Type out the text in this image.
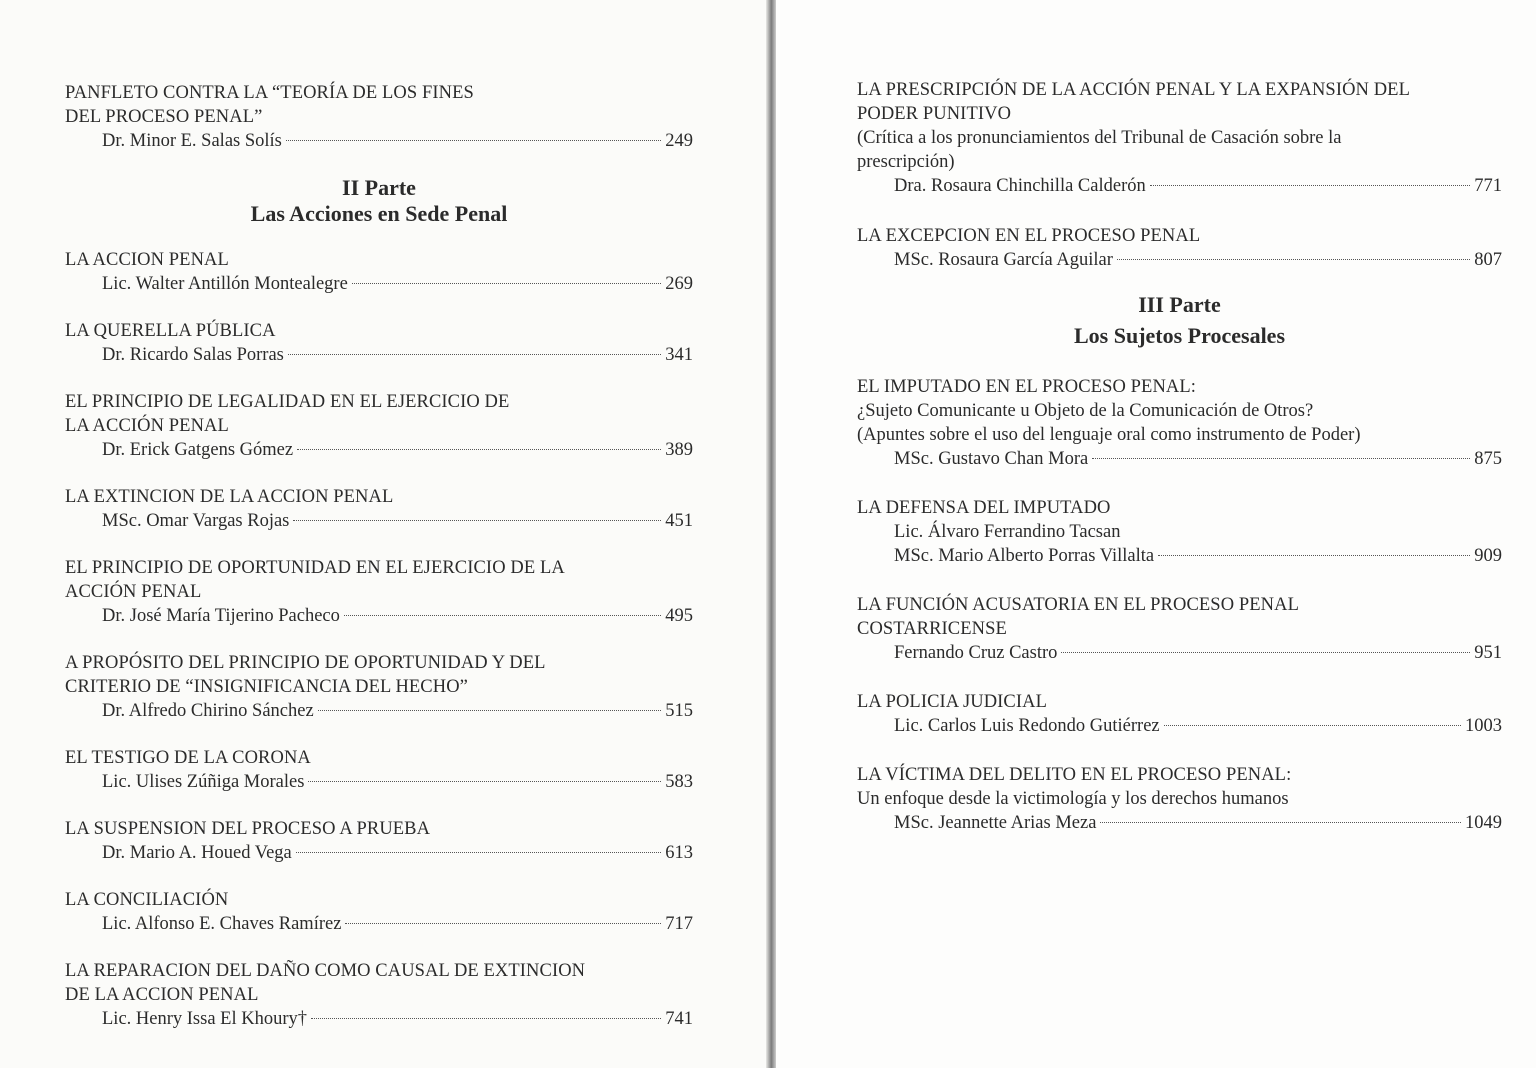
PANFLETO CONTRA LA “TEORÍA DE LOS FINES
DEL PROCESO PENAL”
Dr. Minor E. Salas Solís	249
II Parte
Las Acciones en Sede Penal
LA ACCION PENAL
Lic. Walter Antillón Montealegre	269
LA QUERELLA PÚBLICA
Dr. Ricardo Salas Porras	341
EL PRINCIPIO DE LEGALIDAD EN EL EJERCICIO DE
LA ACCIÓN PENAL
Dr. Erick Gatgens Gómez	389
LA EXTINCION DE LA ACCION PENAL
MSc. Omar Vargas Rojas	451
EL PRINCIPIO DE OPORTUNIDAD EN EL EJERCICIO DE LA
ACCIÓN PENAL
Dr. José María Tijerino Pacheco	495
A PROPÓSITO DEL PRINCIPIO DE OPORTUNIDAD Y DEL
CRITERIO DE “INSIGNIFICANCIA DEL HECHO”
Dr. Alfredo Chirino Sánchez	515
EL TESTIGO DE LA CORONA
Lic. Ulises Zúñiga Morales	583
LA SUSPENSION DEL PROCESO A PRUEBA
Dr. Mario A. Houed Vega	613
LA CONCILIACIÓN
Lic. Alfonso E. Chaves Ramírez	717
LA REPARACION DEL DAÑO COMO CAUSAL DE EXTINCION
DE LA ACCION PENAL
Lic. Henry Issa El Khoury†	741
LA PRESCRIPCIÓN DE LA ACCIÓN PENAL Y LA EXPANSIÓN DEL
PODER PUNITIVO
(Crítica a los pronunciamientos del Tribunal de Casación sobre la
prescripción)
Dra. Rosaura Chinchilla Calderón	771
LA EXCEPCION EN EL PROCESO PENAL
MSc. Rosaura García Aguilar	807
III Parte
Los Sujetos Procesales
EL IMPUTADO EN EL PROCESO PENAL:
¿Sujeto Comunicante u Objeto de la Comunicación de Otros?
(Apuntes sobre el uso del lenguaje oral como instrumento de Poder)
MSc. Gustavo Chan Mora	875
LA DEFENSA DEL IMPUTADO
Lic. Álvaro Ferrandino Tacsan
MSc. Mario Alberto Porras Villalta	909
LA FUNCIÓN ACUSATORIA EN EL PROCESO PENAL
COSTARRICENSE
Fernando Cruz Castro	951
LA POLICIA JUDICIAL
Lic. Carlos Luis Redondo Gutiérrez	1003
LA VÍCTIMA DEL DELITO EN EL PROCESO PENAL:
Un enfoque desde la victimología y los derechos humanos
MSc. Jeannette Arias Meza	1049
